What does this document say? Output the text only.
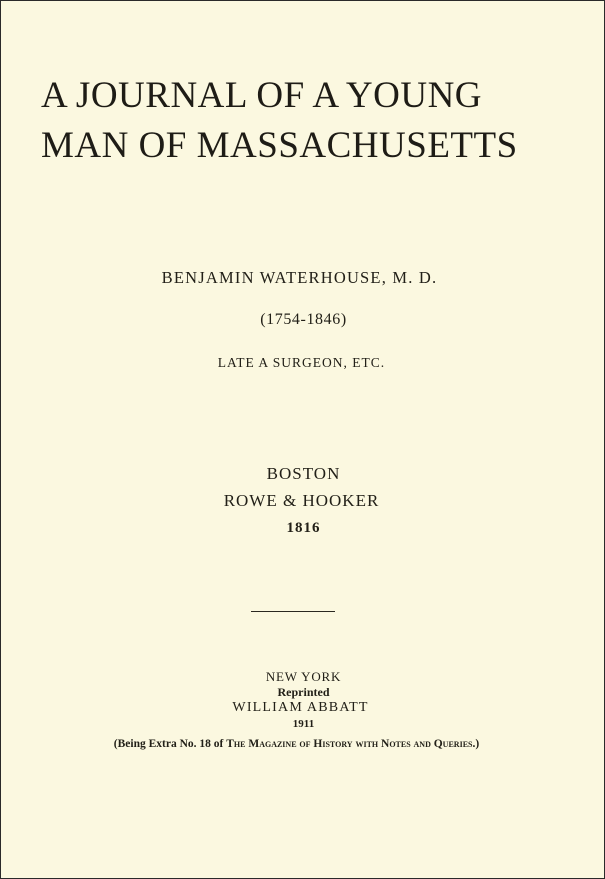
A JOURNAL OF A YOUNG
MAN OF MASSACHUSETTS
BENJAMIN WATERHOUSE, M. D.
(1754-1846)
LATE A SURGEON, ETC.
BOSTON
ROWE & HOOKER
1816
NEW YORK
Reprinted
WILLIAM ABBATT
1911
(Being Extra No. 18 of The Magazine of History with Notes and Queries.)
